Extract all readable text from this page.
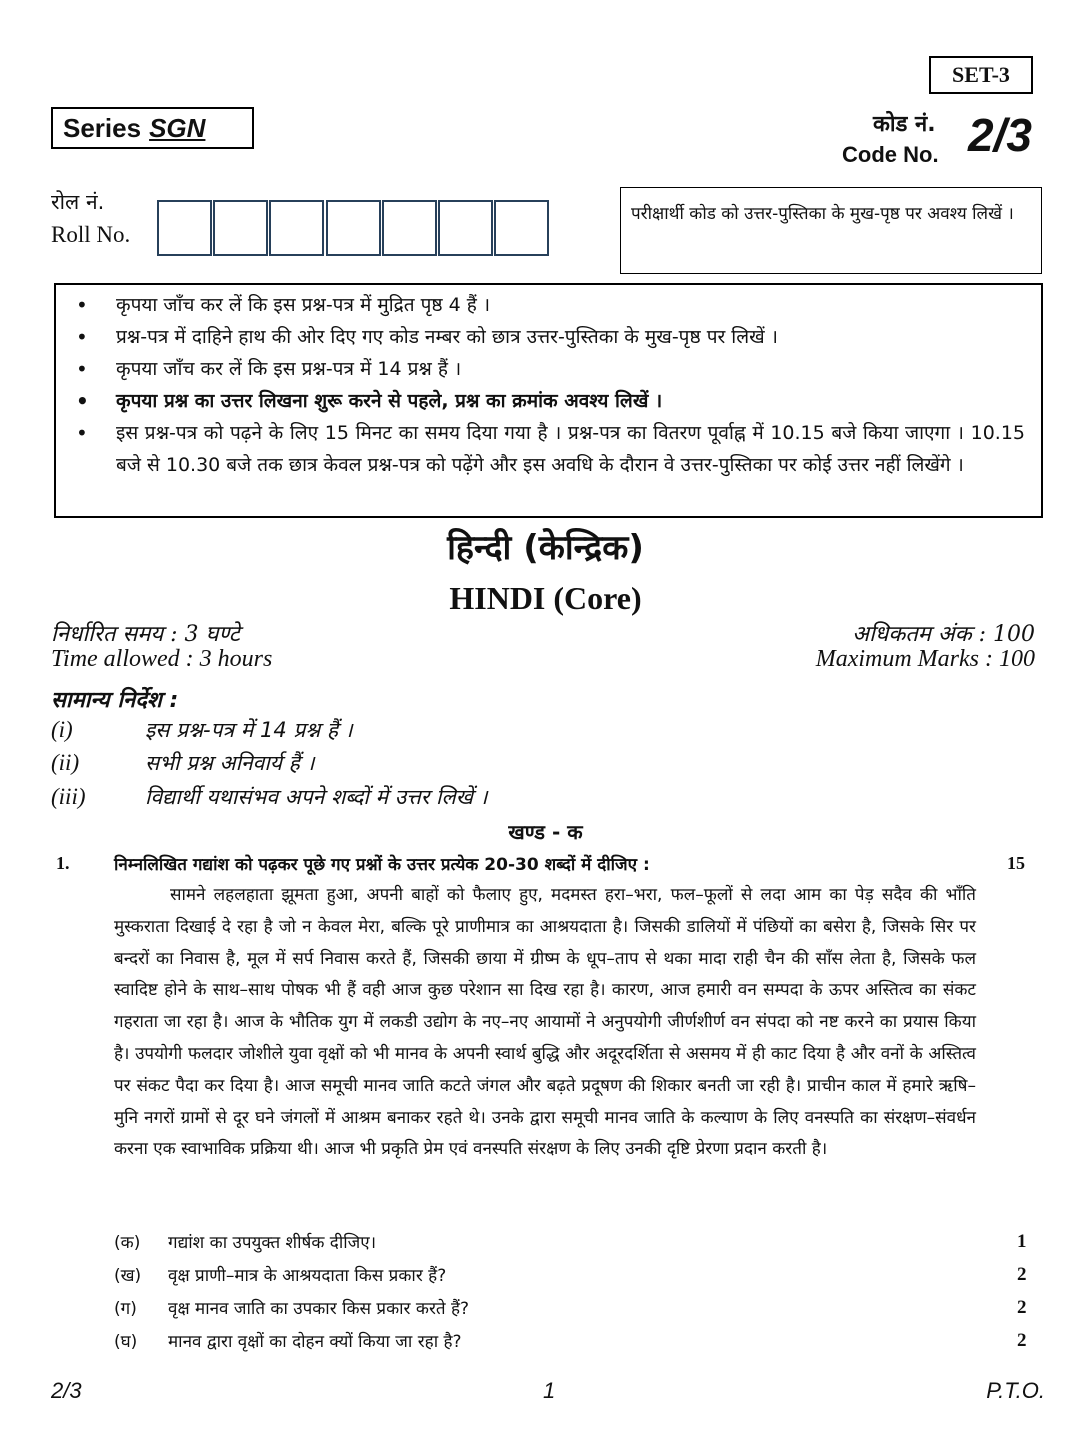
SET-3
Series SGN	कोड नं.
Code No. 2/3
रोल नं.
Roll No.
परीक्षार्थी कोड को उत्तर-पुस्तिका के मुख-पृष्ठ पर अवश्य लिखें ।
• कृपया जाँच कर लें कि इस प्रश्न-पत्र में मुद्रित पृष्ठ 4 हैं ।
• प्रश्न-पत्र में दाहिने हाथ की ओर दिए गए कोड नम्बर को छात्र उत्तर-पुस्तिका के मुख-पृष्ठ पर लिखें ।
• कृपया जाँच कर लें कि इस प्रश्न-पत्र में 14 प्रश्न हैं ।
• कृपया प्रश्न का उत्तर लिखना शुरू करने से पहले, प्रश्न का क्रमांक अवश्य लिखें ।
• इस प्रश्न-पत्र को पढ़ने के लिए 15 मिनट का समय दिया गया है । प्रश्न-पत्र का वितरण पूर्वाह्न में 10.15 बजे किया जाएगा । 10.15 बजे से 10.30 बजे तक छात्र केवल प्रश्न-पत्र को पढ़ेंगे और इस अवधि के दौरान वे उत्तर-पुस्तिका पर कोई उत्तर नहीं लिखेंगे ।
हिन्दी (केन्द्रिक)
HINDI (Core)
निर्धारित समय : 3 घण्टे
Time allowed : 3 hours
अधिकतम अंक : 100
Maximum Marks : 100
सामान्य निर्देश :
(i)	इस प्रश्न-पत्र में 14 प्रश्न हैं ।
(ii)	सभी प्रश्न अनिवार्य हैं ।
(iii)	विद्यार्थी यथासंभव अपने शब्दों में उत्तर लिखें ।
खण्ड - क
1.	निम्नलिखित गद्यांश को पढ़कर पूछे गए प्रश्नों के उत्तर प्रत्येक 20-30 शब्दों में दीजिए :	15
सामने लहलहाता झूमता हुआ, अपनी बाहों को फैलाए हुए, मदमस्त हरा–भरा, फल–फूलों से लदा आम का पेड़ सदैव की भाँति मुस्कराता दिखाई दे रहा है जो न केवल मेरा, बल्कि पूरे प्राणीमात्र का आश्रयदाता है। जिसकी डालियों में पंछियों का बसेरा है, जिसके सिर पर बन्दरों का निवास है, मूल में सर्प निवास करते हैं, जिसकी छाया में ग्रीष्म के धूप–ताप से थका मादा राही चैन की साँस लेता है, जिसके फल स्वादिष्ट होने के साथ–साथ पोषक भी हैं वही आज कुछ परेशान सा दिख रहा है। कारण, आज हमारी वन सम्पदा के ऊपर अस्तित्व का संकट गहराता जा रहा है। आज के भौतिक युग में लकडी उद्योग के नए–नए आयामों ने अनुपयोगी जीर्णशीर्ण वन संपदा को नष्ट करने का प्रयास किया है। उपयोगी फलदार जोशीले युवा वृक्षों को भी मानव के अपनी स्वार्थ बुद्धि और अदूरदर्शिता से असमय में ही काट दिया है और वनों के अस्तित्व पर संकट पैदा कर दिया है। आज समूची मानव जाति कटते जंगल और बढ़ते प्रदूषण की शिकार बनती जा रही है। प्राचीन काल में हमारे ऋषि–मुनि नगरों ग्रामों से दूर घने जंगलों में आश्रम बनाकर रहते थे। उनके द्वारा समूची मानव जाति के कल्याण के लिए वनस्पति का संरक्षण–संवर्धन करना एक स्वाभाविक प्रक्रिया थी। आज भी प्रकृति प्रेम एवं वनस्पति संरक्षण के लिए उनकी दृष्टि प्रेरणा प्रदान करती है।
(क) गद्यांश का उपयुक्त शीर्षक दीजिए।	1
(ख) वृक्ष प्राणी–मात्र के आश्रयदाता किस प्रकार हैं?	2
(ग) वृक्ष मानव जाति का उपकार किस प्रकार करते हैं?	2
(घ) मानव द्वारा वृक्षों का दोहन क्यों किया जा रहा है?	2
2/3	1	P.T.O.
